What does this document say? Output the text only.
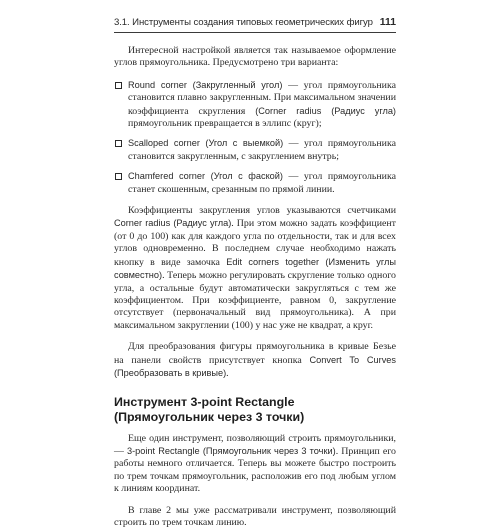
3.1. Инструменты создания типовых геометрических фигур 111

Интересной настройкой является так называемое оформление углов прямоугольника. Предусмотрено три варианта:

Round corner (Закругленный угол) — угол прямоугольника становится плавно закругленным. При максимальном значении коэффициента скругления (Corner radius (Радиус угла) прямоугольник превращается в эллипс (круг);
Scalloped corner (Угол с выемкой) — угол прямоугольника становится закругленным, с закруглением внутрь;
Chamfered corner (Угол с фаской) — угол прямоугольника станет скошенным, срезанным по прямой линии.

Коэффициенты закругления углов указываются счетчиками Corner radius (Радиус угла). При этом можно задать коэффициент (от 0 до 100) как для каждого угла по отдельности, так и для всех углов одновременно. В последнем случае необходимо нажать кнопку в виде замочка Edit corners together (Изменить углы совместно). Теперь можно регулировать скругление только одного угла, а остальные будут автоматически закругляться с тем же коэффициентом. При коэффициенте, равном 0, закругление отсутствует (первоначальный вид прямоугольника). А при максимальном закруглении (100) у нас уже не квадрат, а круг.

Для преобразования фигуры прямоугольника в кривые Безье на панели свойств присутствует кнопка Convert To Curves (Преобразовать в кривые).

Инструмент 3-point Rectangle
(Прямоугольник через 3 точки)

Еще один инструмент, позволяющий строить прямоугольники, — 3-point Rectangle (Прямоугольник через 3 точки). Принцип его работы немного отличается. Теперь вы можете быстро построить по трем точкам прямоугольник, расположив его под любым углом к линиям координат.

В главе 2 мы уже рассматривали инструмент, позволяющий строить по трем точкам линию.
